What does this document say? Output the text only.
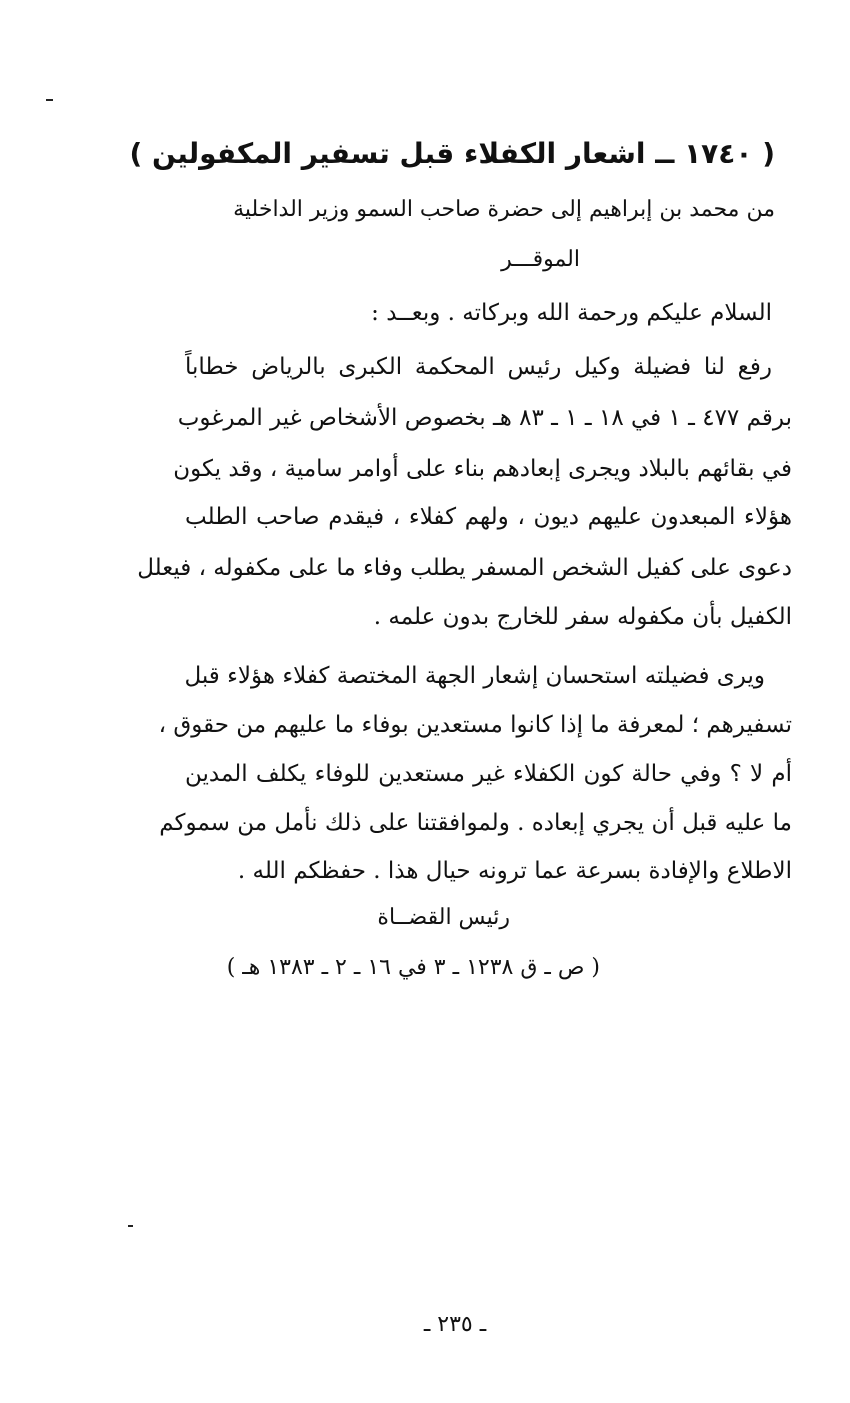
( ١٧٤٠ ــ اشعار الكفلاء قبل تسفير المكفولين )
من محمد بن إبراهيم إلى حضرة صاحب السمو وزير الداخلية
الموقـــر
السلام عليكم ورحمة الله وبركاته . وبعــد :
رفع لنا فضيلة وكيل رئيس المحكمة الكبرى بالرياض خطاباً
برقم ٤٧٧ ـ ١ في ١٨ ـ ١ ـ ٨٣ هـ بخصوص الأشخاص غير المرغوب
في بقائهم بالبلاد ويجرى إبعادهم بناء على أوامر سامية ، وقد يكون
هؤلاء المبعدون عليهم ديون ، ولهم كفلاء ، فيقدم صاحب الطلب
دعوى على كفيل الشخص المسفر يطلب وفاء ما على مكفوله ، فيعلل
الكفيل بأن مكفوله سفر للخارج بدون علمه .
ويرى فضيلته استحسان إشعار الجهة المختصة كفلاء هؤلاء قبل
تسفيرهم ؛ لمعرفة ما إذا كانوا مستعدين بوفاء ما عليهم من حقوق ،
أم لا ؟ وفي حالة كون الكفلاء غير مستعدين للوفاء يكلف المدين
ما عليه قبل أن يجري إبعاده . ولموافقتنا على ذلك نأمل من سموكم
الاطلاع والإفادة بسرعة عما ترونه حيال هذا . حفظكم الله .
رئيس القضــاة
( ص ـ ق ١٢٣٨ ـ ٣ في ١٦ ـ ٢ ـ ١٣٨٣ هـ )
ـ ٢٣٥ ـ
